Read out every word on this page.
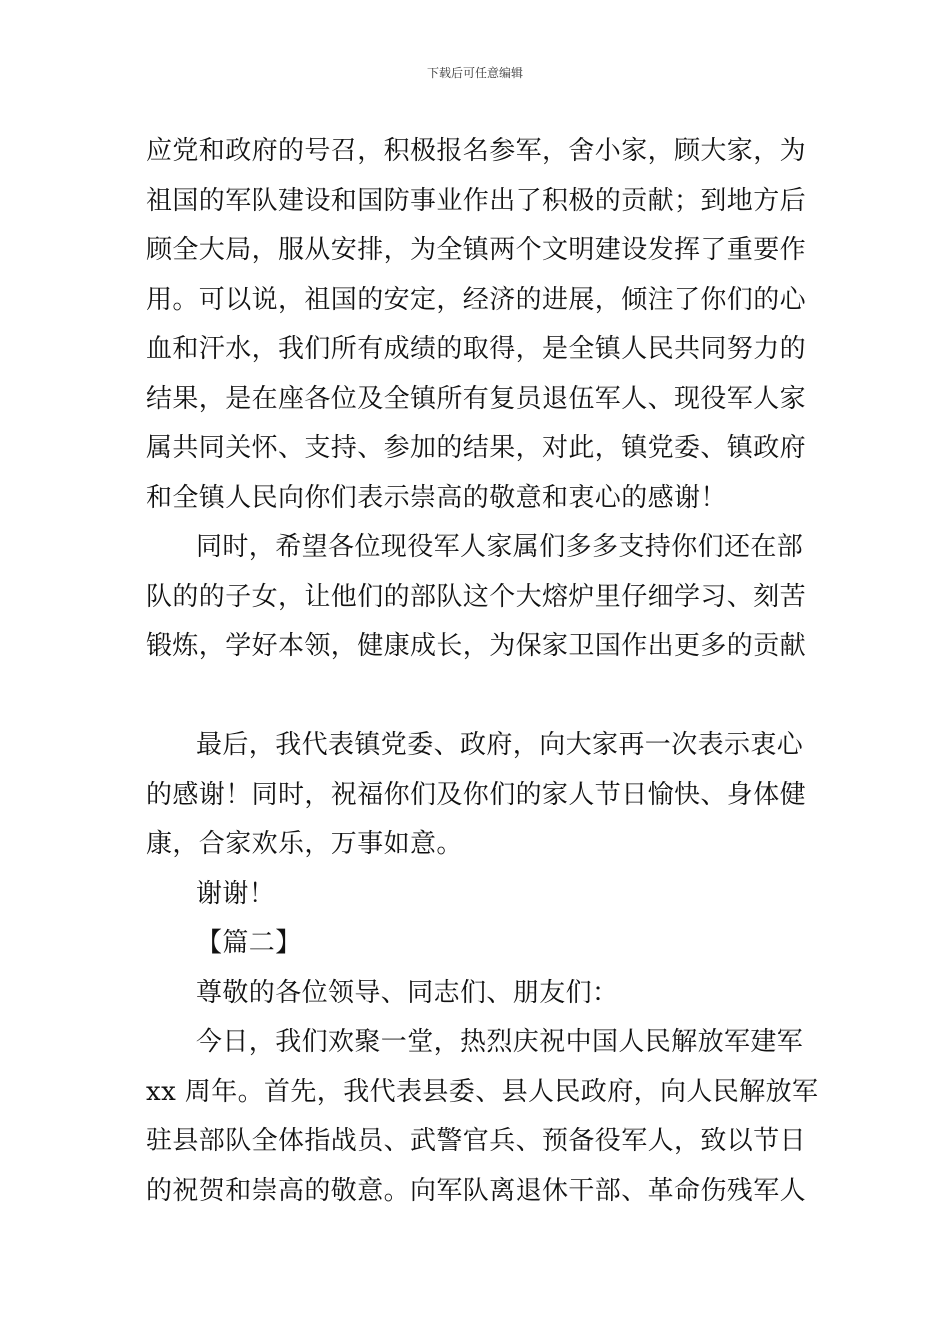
下载后可任意编辑
应党和政府的号召，积极报名参军，舍小家，顾大家，为
祖国的军队建设和国防事业作出了积极的贡献；到地方后
顾全大局，服从安排，为全镇两个文明建设发挥了重要作
用。可以说，祖国的安定，经济的进展，倾注了你们的心
血和汗水，我们所有成绩的取得，是全镇人民共同努力的
结果，是在座各位及全镇所有复员退伍军人、现役军人家
属共同关怀、支持、参加的结果，对此，镇党委、镇政府
和全镇人民向你们表示崇高的敬意和衷心的感谢！
同时，希望各位现役军人家属们多多支持你们还在部
队的的子女，让他们的部队这个大熔炉里仔细学习、刻苦
锻炼，学好本领，健康成长，为保家卫国作出更多的贡献
最后，我代表镇党委、政府，向大家再一次表示衷心
的感谢！同时，祝福你们及你们的家人节日愉快、身体健
康，合家欢乐，万事如意。
谢谢！
【篇二】
尊敬的各位领导、同志们、朋友们：
今日，我们欢聚一堂，热烈庆祝中国人民解放军建军
xx 周年。首先，我代表县委、县人民政府，向人民解放军
驻县部队全体指战员、武警官兵、预备役军人，致以节日
的祝贺和崇高的敬意。向军队离退休干部、革命伤残军人
